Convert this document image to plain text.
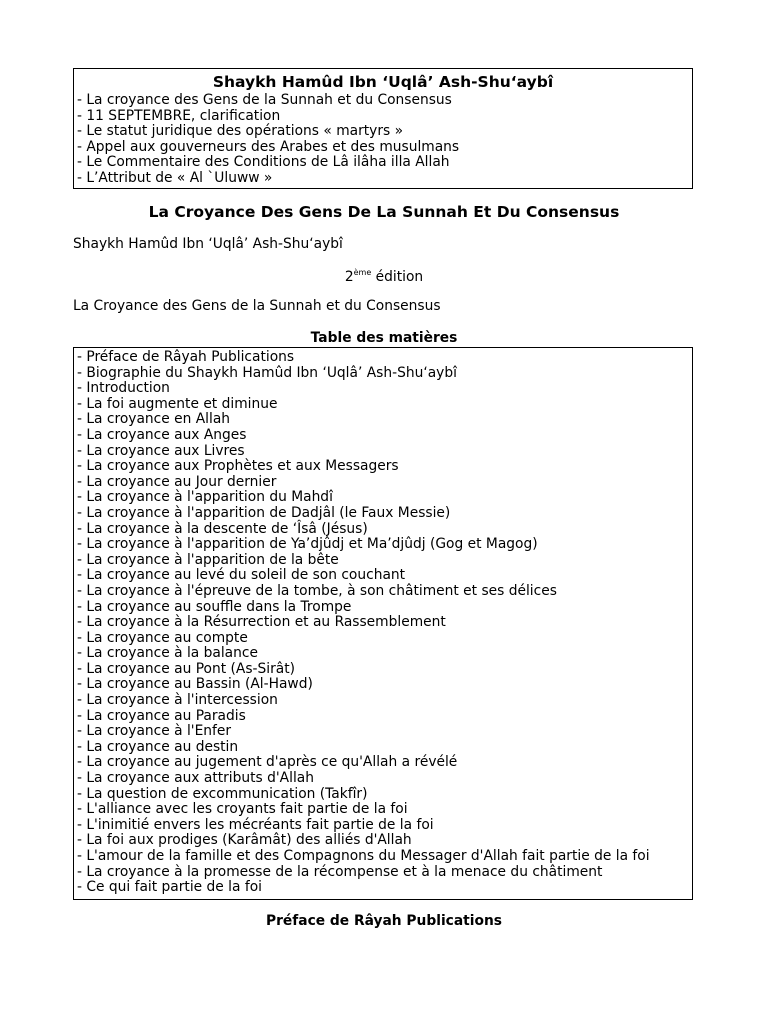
Shaykh Hamûd Ibn ‘Uqlâ’ Ash-Shu‘aybî
- La croyance des Gens de la Sunnah et du Consensus
- 11 SEPTEMBRE, clarification
- Le statut juridique des opérations « martyrs »
- Appel aux gouverneurs des Arabes et des musulmans
- Le Commentaire des Conditions de Lâ ilâha illa Allah
- L’Attribut de « Al `Uluww »
La Croyance Des Gens De La Sunnah Et Du Consensus
Shaykh Hamûd Ibn ‘Uqlâ’ Ash-Shu‘aybî
2ème édition
La Croyance des Gens de la Sunnah et du Consensus
Table des matières
- Préface de Râyah Publications
- Biographie du Shaykh Hamûd Ibn ‘Uqlâ’ Ash-Shu‘aybî
- Introduction
- La foi augmente et diminue
- La croyance en Allah
- La croyance aux Anges
- La croyance aux Livres
- La croyance aux Prophètes et aux Messagers
- La croyance au Jour dernier
- La croyance à l'apparition du Mahdî
- La croyance à l'apparition de Dadjâl (le Faux Messie)
- La croyance à la descente de ‘Îsâ (Jésus)
- La croyance à l'apparition de Ya’djûdj et Ma’djûdj (Gog et Magog)
- La croyance à l'apparition de la bête
- La croyance au levé du soleil de son couchant
- La croyance à l'épreuve de la tombe, à son châtiment et ses délices
- La croyance au souffle dans la Trompe
- La croyance à la Résurrection et au Rassemblement
- La croyance au compte
- La croyance à la balance
- La croyance au Pont (As-Sirât)
- La croyance au Bassin (Al-Hawd)
- La croyance à l'intercession
- La croyance au Paradis
- La croyance à l'Enfer
- La croyance au destin
- La croyance au jugement d'après ce qu'Allah a révélé
- La croyance aux attributs d'Allah
- La question de excommunication (Takfîr)
- L'alliance avec les croyants fait partie de la foi
- L'inimitié envers les mécréants fait partie de la foi
- La foi aux prodiges (Karâmât) des alliés d'Allah
- L'amour de la famille et des Compagnons du Messager d'Allah fait partie de la foi
- La croyance à la promesse de la récompense et à la menace du châtiment
- Ce qui fait partie de la foi
Préface de Râyah Publications
